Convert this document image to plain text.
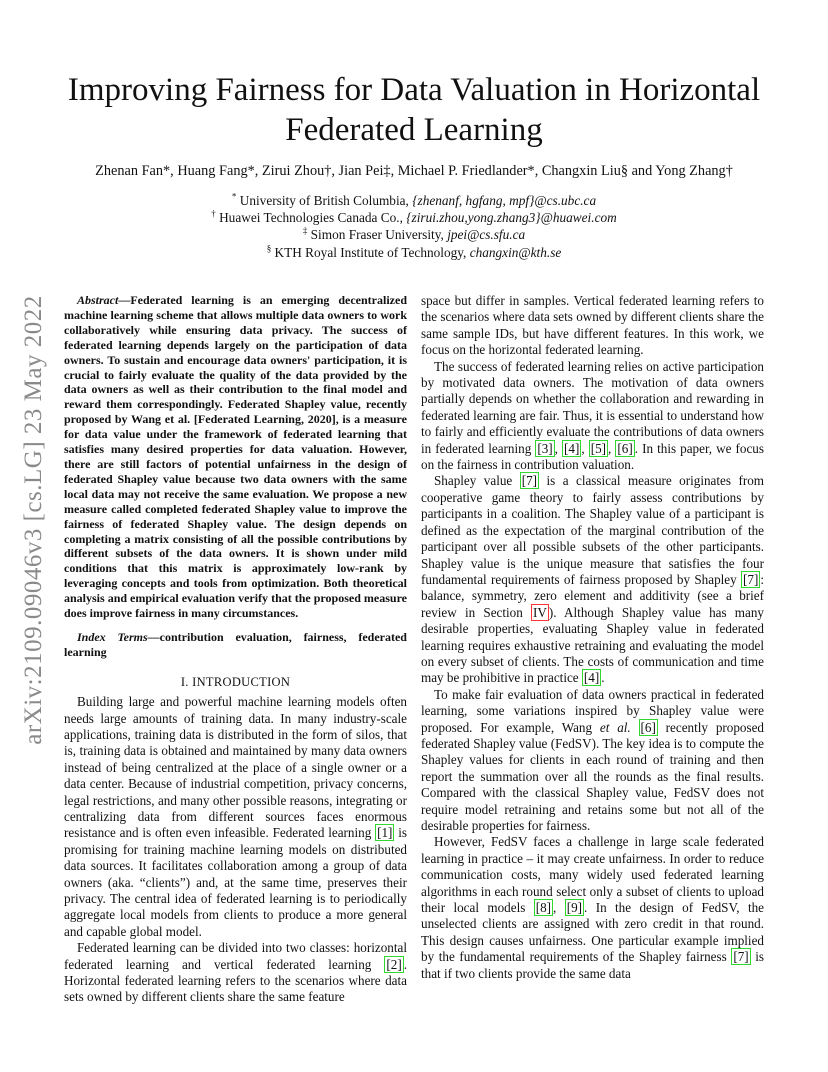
arXiv:2109.09046v3 [cs.LG] 23 May 2022
Improving Fairness for Data Valuation in Horizontal Federated Learning
Zhenan Fan*, Huang Fang*, Zirui Zhou†, Jian Pei‡, Michael P. Friedlander*, Changxin Liu§ and Yong Zhang†
* University of British Columbia, {zhenanf, hgfang, mpf}@cs.ubc.ca
† Huawei Technologies Canada Co., {zirui.zhou,yong.zhang3}@huawei.com
‡ Simon Fraser University, jpei@cs.sfu.ca
§ KTH Royal Institute of Technology, changxin@kth.se

Abstract—Federated learning is an emerging decentralized machine learning scheme that allows multiple data owners to work collaboratively while ensuring data privacy. The success of federated learning depends largely on the participation of data owners. To sustain and encourage data owners' participation, it is crucial to fairly evaluate the quality of the data provided by the data owners as well as their contribution to the final model and reward them correspondingly. Federated Shapley value, recently proposed by Wang et al. [Federated Learning, 2020], is a measure for data value under the framework of federated learning that satisfies many desired properties for data valuation. However, there are still factors of potential unfairness in the design of federated Shapley value because two data owners with the same local data may not receive the same evaluation. We propose a new measure called completed federated Shapley value to improve the fairness of federated Shapley value. The design depends on completing a matrix consisting of all the possible contributions by different subsets of the data owners. It is shown under mild conditions that this matrix is approximately low-rank by leveraging concepts and tools from optimization. Both theoretical analysis and empirical evaluation verify that the proposed measure does improve fairness in many circumstances.

Index Terms—contribution evaluation, fairness, federated learning

I. INTRODUCTION

Building large and powerful machine learning models often needs large amounts of training data. In many industry-scale applications, training data is distributed in the form of silos, that is, training data is obtained and maintained by many data owners instead of being centralized at the place of a single owner or a data center. Because of industrial competition, privacy concerns, legal restrictions, and many other possible reasons, integrating or centralizing data from different sources faces enormous resistance and is often even infeasible. Federated learning [1] is promising for training machine learning models on distributed data sources. It facilitates collaboration among a group of data owners (aka. “clients”) and, at the same time, preserves their privacy. The central idea of federated learning is to periodically aggregate local models from clients to produce a more general and capable global model.

Federated learning can be divided into two classes: horizontal federated learning and vertical federated learning [2] . Horizontal federated learning refers to the scenarios where data sets owned by different clients share the same feature

space but differ in samples. Vertical federated learning refers to the scenarios where data sets owned by different clients share the same sample IDs, but have different features. In this work, we focus on the horizontal federated learning.

The success of federated learning relies on active participation by motivated data owners. The motivation of data owners partially depends on whether the collaboration and rewarding in federated learning are fair. Thus, it is essential to understand how to fairly and efficiently evaluate the contributions of data owners in federated learning [3] , [4] , [5] , [6] . In this paper, we focus on the fairness in contribution valuation.

Shapley value [7] is a classical measure originates from cooperative game theory to fairly assess contributions by participants in a coalition. The Shapley value of a participant is defined as the expectation of the marginal contribution of the participant over all possible subsets of the other participants. Shapley value is the unique measure that satisfies the four fundamental requirements of fairness proposed by Shapley [7] : balance, symmetry, zero element and additivity (see a brief review in Section IV ). Although Shapley value has many desirable properties, evaluating Shapley value in federated learning requires exhaustive retraining and evaluating the model on every subset of clients. The costs of communication and time may be prohibitive in practice [4] .

To make fair evaluation of data owners practical in federated learning, some variations inspired by Shapley value were proposed. For example, Wang et al. [6] recently proposed federated Shapley value (FedSV). The key idea is to compute the Shapley values for clients in each round of training and then report the summation over all the rounds as the final results. Compared with the classical Shapley value, FedSV does not require model retraining and retains some but not all of the desirable properties for fairness.

However, FedSV faces a challenge in large scale federated learning in practice – it may create unfairness. In order to reduce communication costs, many widely used federated learning algorithms in each round select only a subset of clients to upload their local models [8] , [9] . In the design of FedSV, the unselected clients are assigned with zero credit in that round. This design causes unfairness. One particular example implied by the fundamental requirements of the Shapley fairness [7] is that if two clients provide the same data
